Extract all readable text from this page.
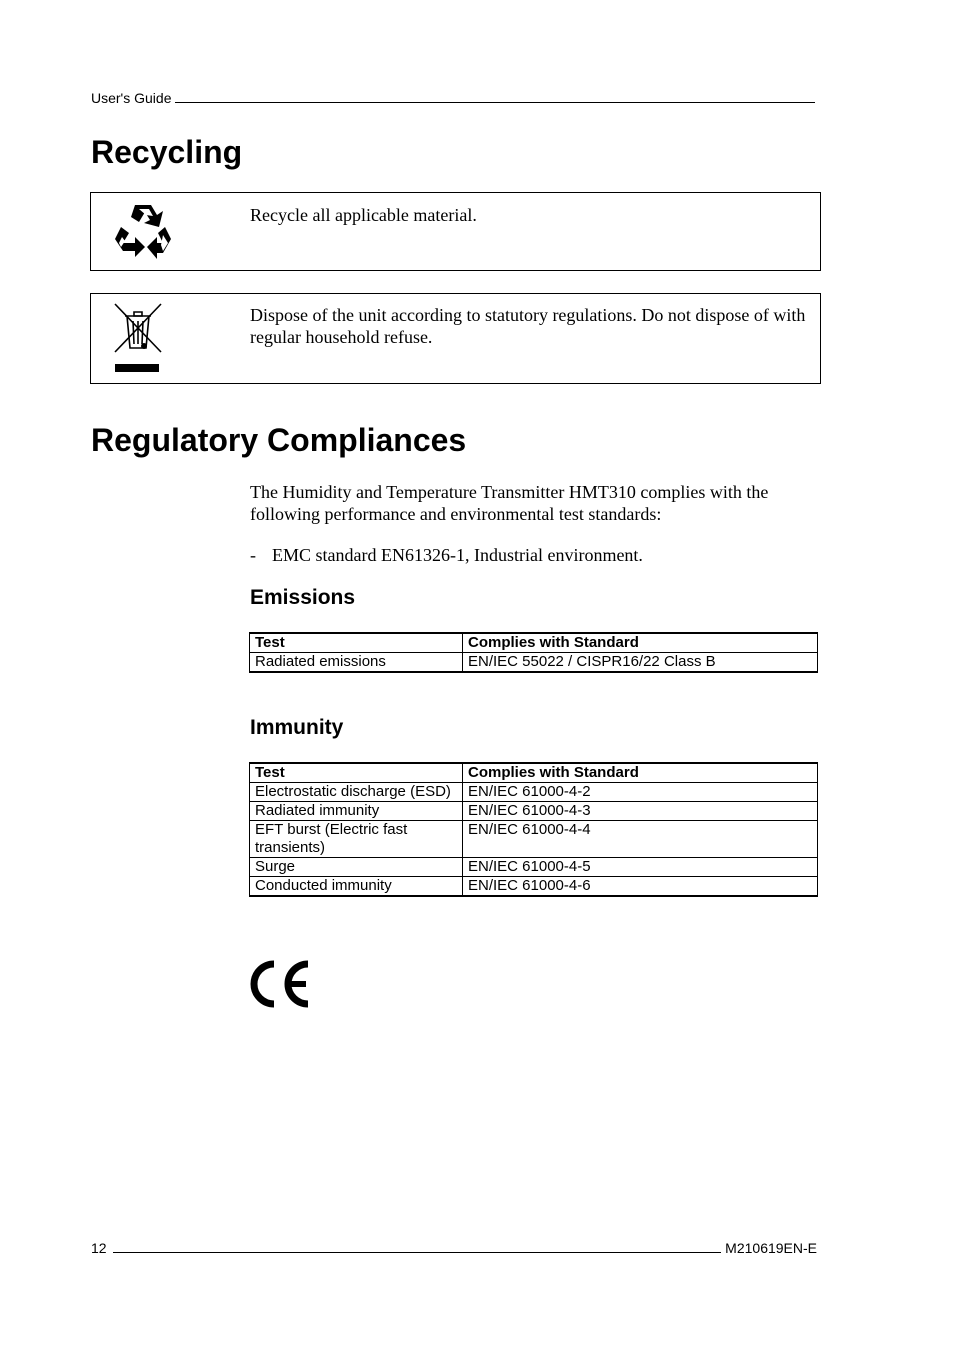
User's Guide
Recycling
Recycle all applicable material.
Dispose of the unit according to statutory regulations. Do not dispose of with regular household refuse.
Regulatory Compliances
The Humidity and Temperature Transmitter HMT310 complies with the following performance and environmental test standards:
- EMC standard EN61326-1, Industrial environment.
Emissions
Test	Complies with Standard
Radiated emissions	EN/IEC 55022 / CISPR16/22 Class B
Immunity
Test	Complies with Standard
Electrostatic discharge (ESD)	EN/IEC 61000-4-2
Radiated immunity	EN/IEC 61000-4-3
EFT burst (Electric fast transients)	EN/IEC 61000-4-4
Surge	EN/IEC 61000-4-5
Conducted immunity	EN/IEC 61000-4-6
12	M210619EN-E
